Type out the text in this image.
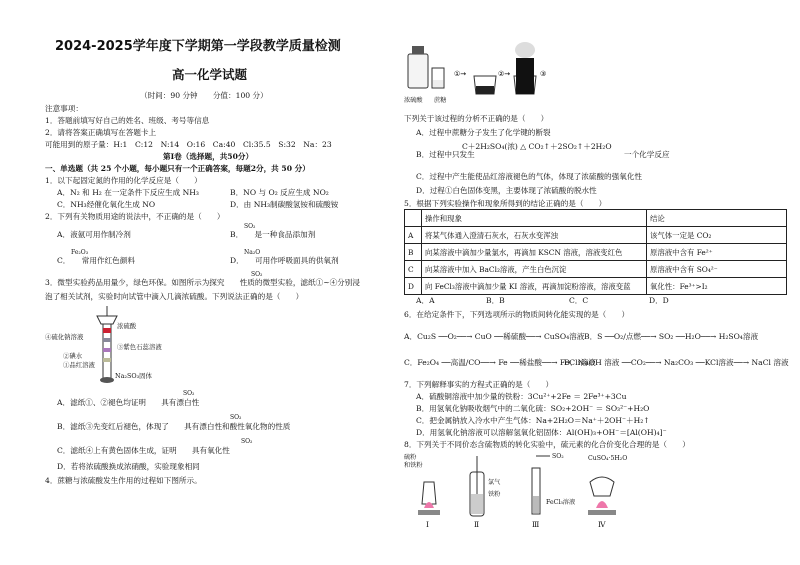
2024-2025学年度下学期第一学段教学质量检测
高一化学试题
（时间：90 分钟　　分值：100 分）
注意事项：
1．答题前填写好自己的姓名、班级、考号等信息
2．请将答案正确填写在答题卡上
可能用到的原子量：H:1　C:12　N:14　O:16　Ca:40　Cl:35.5　S:32　Na：23
第Ⅰ卷（选择题，共50分）
一、单选题（共 25 个小题，每小题只有一个正确答案，每题2分，共 50 分）
1．以下起固定氮的作用的化学反应是（　　）
A．N₂ 和 H₂ 在一定条件下反应生成 NH₃	B．NO 与 O₂ 反应生成 NO₂
C．NH₃经催化氧化生成 NO	D．由 NH₃制碳酸氢铵和硫酸铵
2．下列有关物质用途的说法中，不正确的是（　　）
A．液氨可用作制冷剂
SO₂
B．　　是一种食品添加剂
Fe₂O₃
C．　　常用作红色颜料
Na₂O
D．　　可用作呼吸面具的供氧剂
SO₂
3．微型实验药品用量少，绿色环保。如图所示为探究　　性质的微型实验，滤纸①~④分别浸
泡了相关试剂，实验时向试管中滴入几滴浓硫酸。下列说法正确的是（　　）
浓硫酸
④硫化钠溶液
③紫色石蕊溶液
②碘水
①品红溶液
Na₂SO₃固体
SO₂
A．滤纸①、②褪色均证明　　具有漂白性
SO₂
B．滤纸③先变红后褪色，体现了　　具有漂白性和酸性氧化物的性质
SO₂
C．滤纸④上有黄色固体生成，证明　　具有氧化性
D．若将浓硫酸换成浓硝酸，实验现象相同
4．蔗糖与浓硫酸发生作用的过程如下图所示。
①→	②→	③
浓硫酸 蔗糖
下列关于该过程的分析不正确的是（　　）
A．过程中蔗糖分子发生了化学键的断裂
C＋2H₂SO₄(浓) △ CO₂↑＋2SO₂↑＋2H₂O
B．过程中只发生	一个化学反应
C．过程中产生能使品红溶液褪色的气体，体现了浓硫酸的强氧化性
D．过程①白色固体变黑，主要体现了浓硫酸的脱水性
5．根据下列实验操作和现象所得到的结论正确的是（　　）
	操作和现象	结论
A	将某气体通入澄清石灰水，石灰水变浑浊	该气体一定是 CO₂
B	向某溶液中滴加少量氯水，再滴加 KSCN 溶液，溶液变红色	原溶液中含有 Fe²⁺
C	向某溶液中加入 BaCl₂溶液，产生白色沉淀	原溶液中含有 SO₄²⁻
D	向 FeCl₃溶液中滴加少量 KI 溶液，再滴加淀粉溶液，溶液变蓝	氧化性：Fe³⁺>I₂
A．A	B．B	C．C	D．D
6．在给定条件下，下列选项所示的物质间转化能实现的是（　　）
A．Cu₂S ──O₂──→ CuO ──稀硫酸──→ CuSO₄溶液 B．S ──O₂/点燃──→ SO₂ ──H₂O──→ H₂SO₄溶液
C．Fe₂O₄ ──高温/CO──→ Fe ──稀盐酸──→ FeCl₃溶液
D．NaOH 溶液 ──CO₂──→ Na₂CO₃ ──KCl溶液──→ NaCl 溶液
7．下列解释事实的方程式正确的是（　　）
A．硫酸铜溶液中加少量的铁粉：3Cu²⁺+2Fe ＝ 2Fe³⁺+3Cu
B．用氢氧化钠吸收烟气中的二氧化硫：SO₂+2OH⁻ ＝ SO₃²⁻+H₂O
C．把金属钠放入冷水中产生气体：Na+2H₂O＝Na⁺＋2OH⁻＋H₂↑
D．用氢氧化钠溶液可以溶解氢氧化铝固体：Al(OH)₃+OH⁻＝[Al(OH)₄]⁻
8．下列关于不同价态含硫物质的转化实验中，硫元素的化合价变化合理的是（　　）
硫粉
和铁粉
氯气
铁粉
SO₂
FeCl₃溶液
CuSO₄·5H₂O
Ⅰ	Ⅱ	Ⅲ	Ⅳ
